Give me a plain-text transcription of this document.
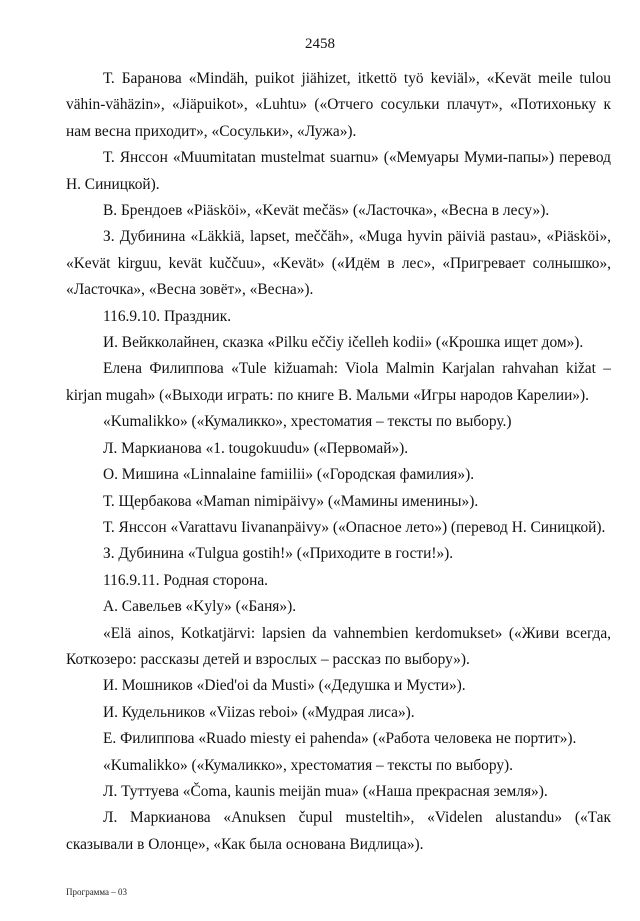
2458

Т. Баранова «Mindäh, puikot jiähizet, itkettö työ keviäl», «Kevät meile tulou vähin-vähäzin», «Jiäpuikot», «Luhtu» («Отчего сосульки плачут», «Потихоньку к нам весна приходит», «Сосульки», «Лужа»).

Т. Янссон «Muumitatan mustelmat suarnu» («Мемуары Муми-папы») перевод Н. Синицкой).

В. Брендоев «Piäsköi», «Kevät mečäs» («Ласточка», «Весна в лесу»).

З. Дубинина «Läkkiä, lapset, meččäh», «Muga hyvin päiviä pastau», «Piäsköi», «Kevät kirguu, kevät kuččuu», «Kevät» («Идём в лес», «Пригревает солнышко», «Ласточка», «Весна зовёт», «Весна»).

116.9.10. Праздник.

И. Вейкколайнен, сказка «Pilku eččiy ičelleh kodii» («Крошка ищет дом»).

Елена Филиппова «Tule kižuamah: Viola Malmin Karjalan rahvahan kižat – kirjan mugah» («Выходи играть: по книге В. Мальми «Игры народов Карелии»).

«Kumalikko» («Кумаликко», хрестоматия – тексты по выбору.)

Л. Маркианова «1. tougokuudu» («Первомай»).

О. Мишина «Linnalaine famiilii» («Городская фамилия»).

Т. Щербакова «Maman nimipäivy» («Мамины именины»).

Т. Янссон «Varattavu Iivananpäivy» («Опасное лето») (перевод Н. Синицкой).

З. Дубинина «Tulgua gostih!» («Приходите в гости!»).

116.9.11. Родная сторона.

А. Савельев «Kyly» («Баня»).

«Elä ainos, Kotkatjärvi: lapsien da vahnembien kerdomukset» («Живи всегда, Коткозеро: рассказы детей и взрослых – рассказ по выбору»).

И. Мошников «Died'oi da Musti» («Дедушка и Мусти»).

И. Кудельников «Viizas reboi» («Мудрая лиса»).

Е. Филиппова «Ruado miesty ei pahenda» («Работа человека не портит»).

«Kumalikko» («Кумаликко», хрестоматия – тексты по выбору).

Л. Туттуева «Čoma, kaunis meijän mua» («Наша прекрасная земля»).

Л. Маркианова «Anuksen čupul musteltih», «Videlen alustandu» («Так сказывали в Олонце», «Как была основана Видлица»).

Программа – 03
